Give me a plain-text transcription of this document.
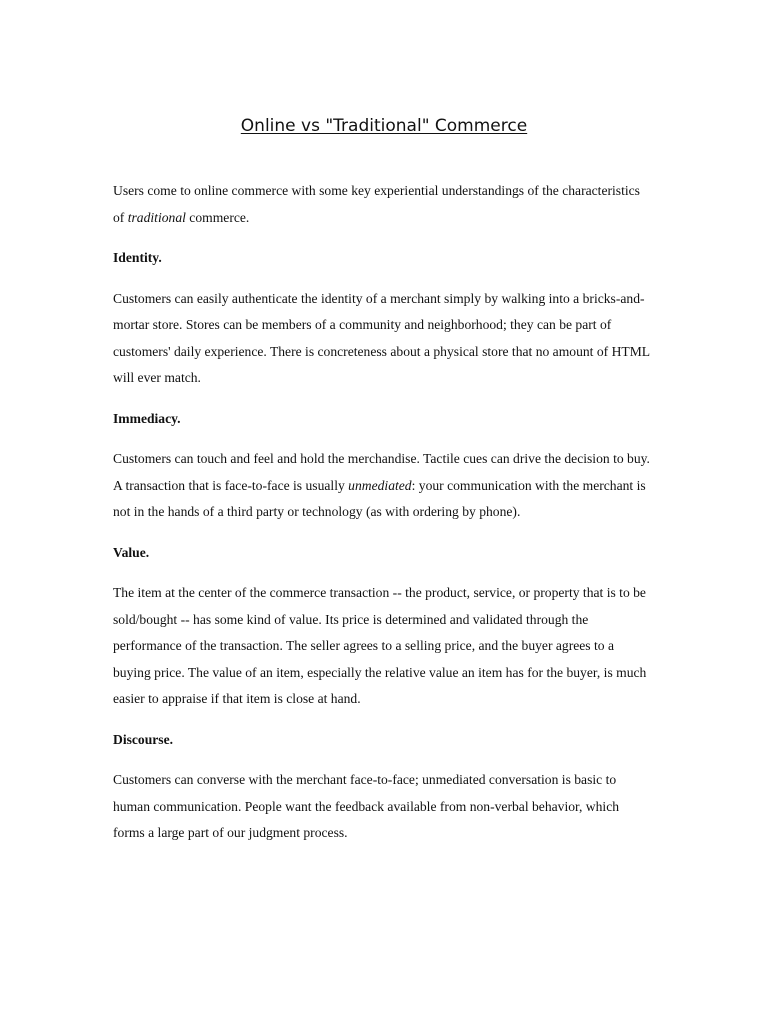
Online vs "Traditional" Commerce

Users come to online commerce with some key experiential understandings of the characteristics of traditional commerce.

Identity.

Customers can easily authenticate the identity of a merchant simply by walking into a bricks-and-mortar store. Stores can be members of a community and neighborhood; they can be part of customers' daily experience. There is concreteness about a physical store that no amount of HTML will ever match.

Immediacy.

Customers can touch and feel and hold the merchandise. Tactile cues can drive the decision to buy. A transaction that is face-to-face is usually unmediated: your communication with the merchant is not in the hands of a third party or technology (as with ordering by phone).

Value.

The item at the center of the commerce transaction -- the product, service, or property that is to be sold/bought -- has some kind of value. Its price is determined and validated through the performance of the transaction. The seller agrees to a selling price, and the buyer agrees to a buying price. The value of an item, especially the relative value an item has for the buyer, is much easier to appraise if that item is close at hand.

Discourse.

Customers can converse with the merchant face-to-face; unmediated conversation is basic to human communication. People want the feedback available from non-verbal behavior, which forms a large part of our judgment process.
